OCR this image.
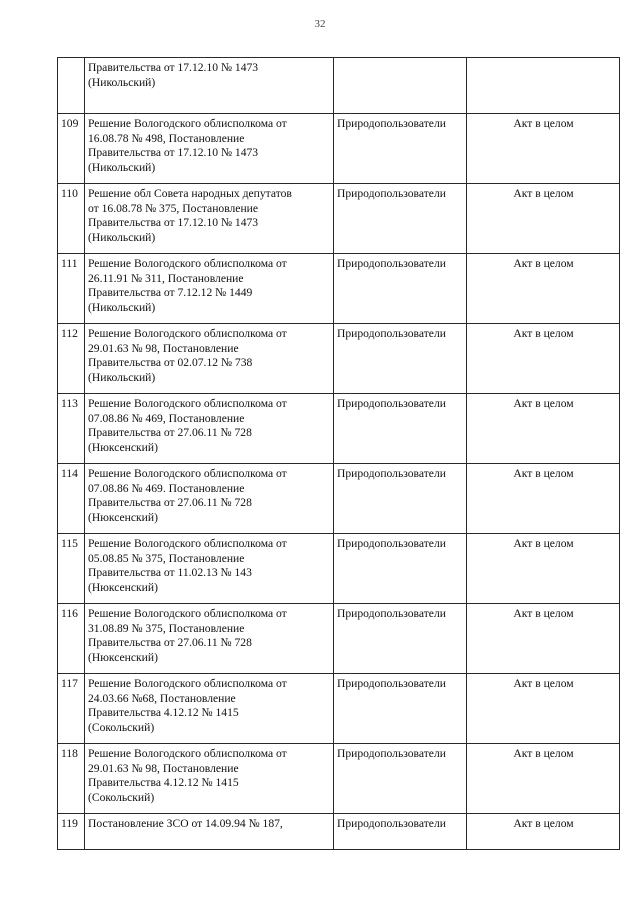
32

	Правительства от 17.12.10 № 1473
(Никольский)		

109	Решение Вологодского облисполкома от
16.08.78 № 498, Постановление
Правительства от 17.12.10 № 1473
(Никольский)	Природопользователи	Акт в целом
110	Решение обл Совета народных депутатов
от 16.08.78 № 375, Постановление
Правительства от 17.12.10 № 1473
(Никольский)	Природопользователи	Акт в целом
111	Решение Вологодского облисполкома от
26.11.91 № 311, Постановление
Правительства от 7.12.12 № 1449
(Никольский)	Природопользователи	Акт в целом
112	Решение Вологодского облисполкома от
29.01.63 № 98, Постановление
Правительства от 02.07.12 № 738
(Никольский)	Природопользователи	Акт в целом
113	Решение Вологодского облисполкома от
07.08.86 № 469, Постановление
Правительства от 27.06.11 № 728
(Нюксенский)	Природопользователи	Акт в целом
114	Решение Вологодского облисполкома от
07.08.86 № 469. Постановление
Правительства от 27.06.11 № 728
(Нюксенский)	Природопользователи	Акт в целом
115	Решение Вологодского облисполкома от
05.08.85 № 375, Постановление
Правительства от 11.02.13 № 143
(Нюксенский)	Природопользователи	Акт в целом
116	Решение Вологодского облисполкома от
31.08.89 № 375, Постановление
Правительства от 27.06.11 № 728
(Нюксенский)	Природопользователи	Акт в целом
117	Решение Вологодского облисполкома от
24.03.66 №68, Постановление
Правительства 4.12.12 № 1415
(Сокольский)	Природопользователи	Акт в целом
118	Решение Вологодского облисполкома от
29.01.63 № 98, Постановление
Правительства 4.12.12 № 1415
(Сокольский)	Природопользователи	Акт в целом
119	Постановление ЗСО от 14.09.94 № 187,	Природопользователи	Акт в целом
